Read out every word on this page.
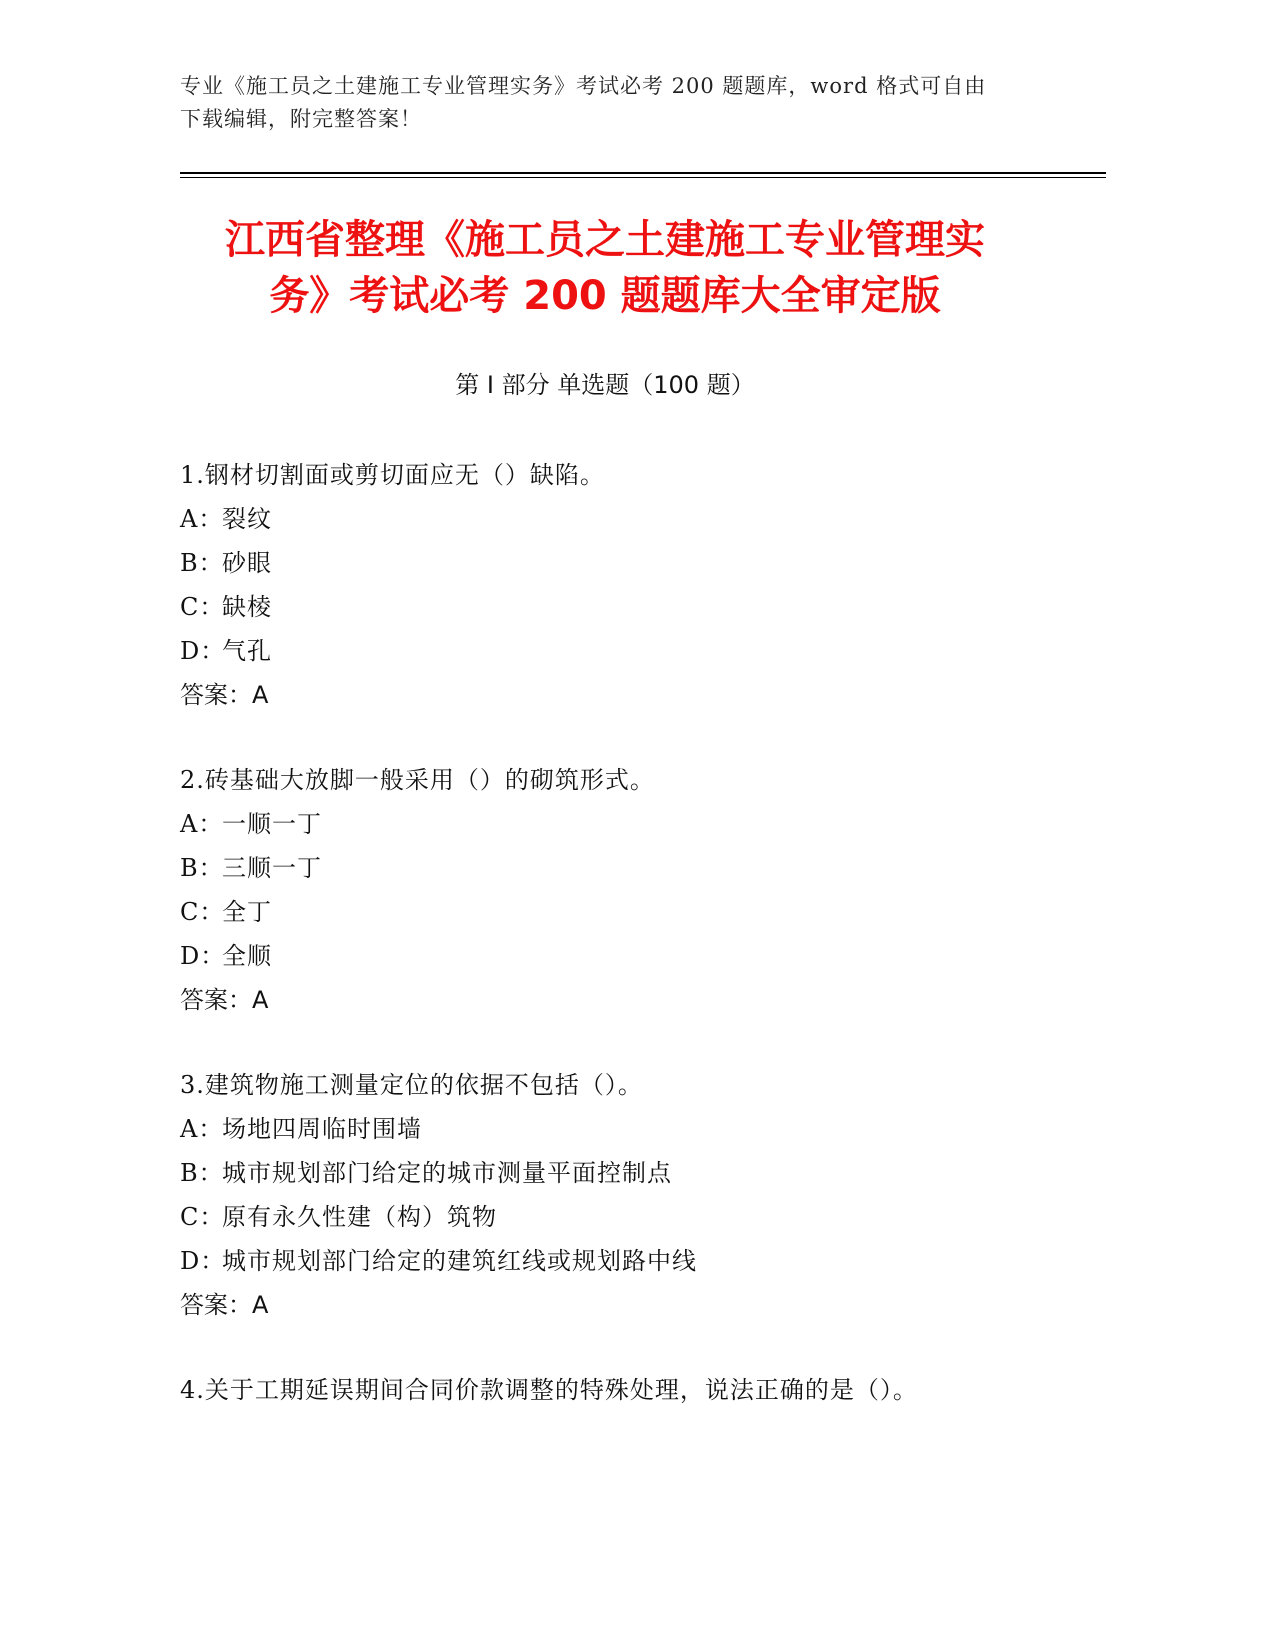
专业《施工员之土建施工专业管理实务》考试必考 200 题题库，word 格式可自由
下载编辑，附完整答案！
江西省整理《施工员之土建施工专业管理实
务》考试必考 200 题题库大全审定版
第 I 部分 单选题（100 题）
1.钢材切割面或剪切面应无（）缺陷。
A：
裂纹
B：
砂眼
C：
缺棱
D：
气孔
答案：A
2.砖基础大放脚一般采用（）的砌筑形式。
A：
一顺一丁
B：
三顺一丁
C：
全丁
D：
全顺
答案：A
3.建筑物施工测量定位的依据不包括（）。
A：
场地四周临时围墙
B：
城市规划部门给定的城市测量平面控制点
C：
原有永久性建（构）筑物
D：
城市规划部门给定的建筑红线或规划路中线
答案：A
4.关于工期延误期间合同价款调整的特殊处理，说法正确的是（）。
